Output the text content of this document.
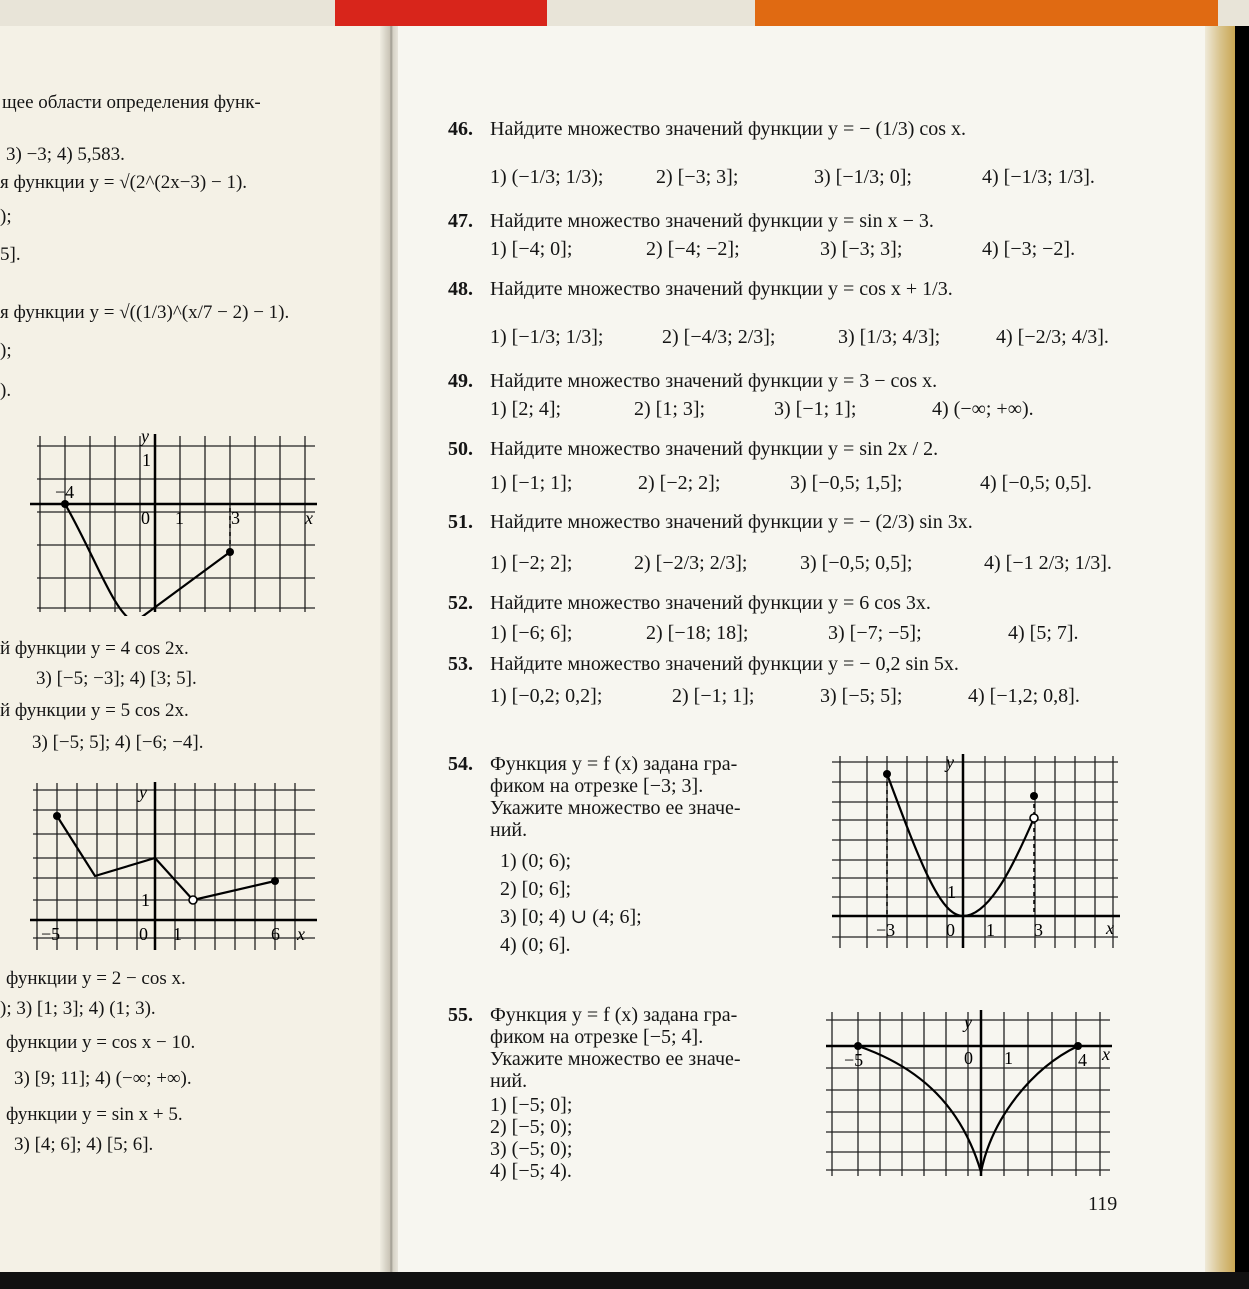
щее области определения функ-
3) −3; 4) 5,583.
я функции y = √(2^(2x−3) − 1).
);
5].
я функции y = √((1/3)^(x/7 − 2) − 1).
);
).
−4
0 1	3
1
y
x
й функции y = 4 cos 2x.
3) [−5; −3]; 4) [3; 5].
й функции y = 5 cos 2x.
3) [−5; 5]; 4) [−6; −4].
−5	0 1	6
1
y
x
функции y = 2 − cos x.
); 3) [1; 3]; 4) (1; 3).
функции y = cos x − 10.
3) [9; 11]; 4) (−∞; +∞).
функции y = sin x + 5.
3) [4; 6]; 4) [5; 6].
46. Найдите множество значений функции y = − (1/3) cos x.
1) (−1/3; 1/3);	2) [−3; 3];	3) [−1/3; 0];	4) [−1/3; 1/3].
47. Найдите множество значений функции y = sin x − 3.
1) [−4; 0];	2) [−4; −2];	3) [−3; 3];	4) [−3; −2].
48. Найдите множество значений функции y = cos x + 1/3.
1) [−1/3; 1/3];	2) [−4/3; 2/3];	3) [1/3; 4/3];	4) [−2/3; 4/3].
49. Найдите множество значений функции y = 3 − cos x.
1) [2; 4];	2) [1; 3];	3) [−1; 1];	4) (−∞; +∞).
50. Найдите множество значений функции y = sin 2x / 2.
1) [−1; 1];	2) [−2; 2];	3) [−0,5; 1,5];	4) [−0,5; 0,5].
51. Найдите множество значений функции y = − (2/3) sin 3x.
1) [−2; 2];	2) [−2/3; 2/3];	3) [−0,5; 0,5];	4) [−1 2/3; 1/3].
52. Найдите множество значений функции y = 6 cos 3x.
1) [−6; 6];	2) [−18; 18];	3) [−7; −5];	4) [5; 7].
53. Найдите множество значений функции y = − 0,2 sin 5x.
1) [−0,2; 0,2];	2) [−1; 1];	3) [−5; 5];	4) [−1,2; 0,8].
54. Функция y = f (x) задана гра-
фиком на отрезке [−3; 3].
Укажите множество ее значе-
ний.
1) (0; 6);
2) [0; 6];
3) [0; 4) ∪ (4; 6];
4) (0; 6].
−3	0 1 3
1
y
x
55. Функция y = f (x) задана гра-
фиком на отрезке [−5; 4].
Укажите множество ее значе-
ний.
1) [−5; 0];
2) [−5; 0);
3) (−5; 0);
4) [−5; 4).
−5	0 1	4
y
x
119
